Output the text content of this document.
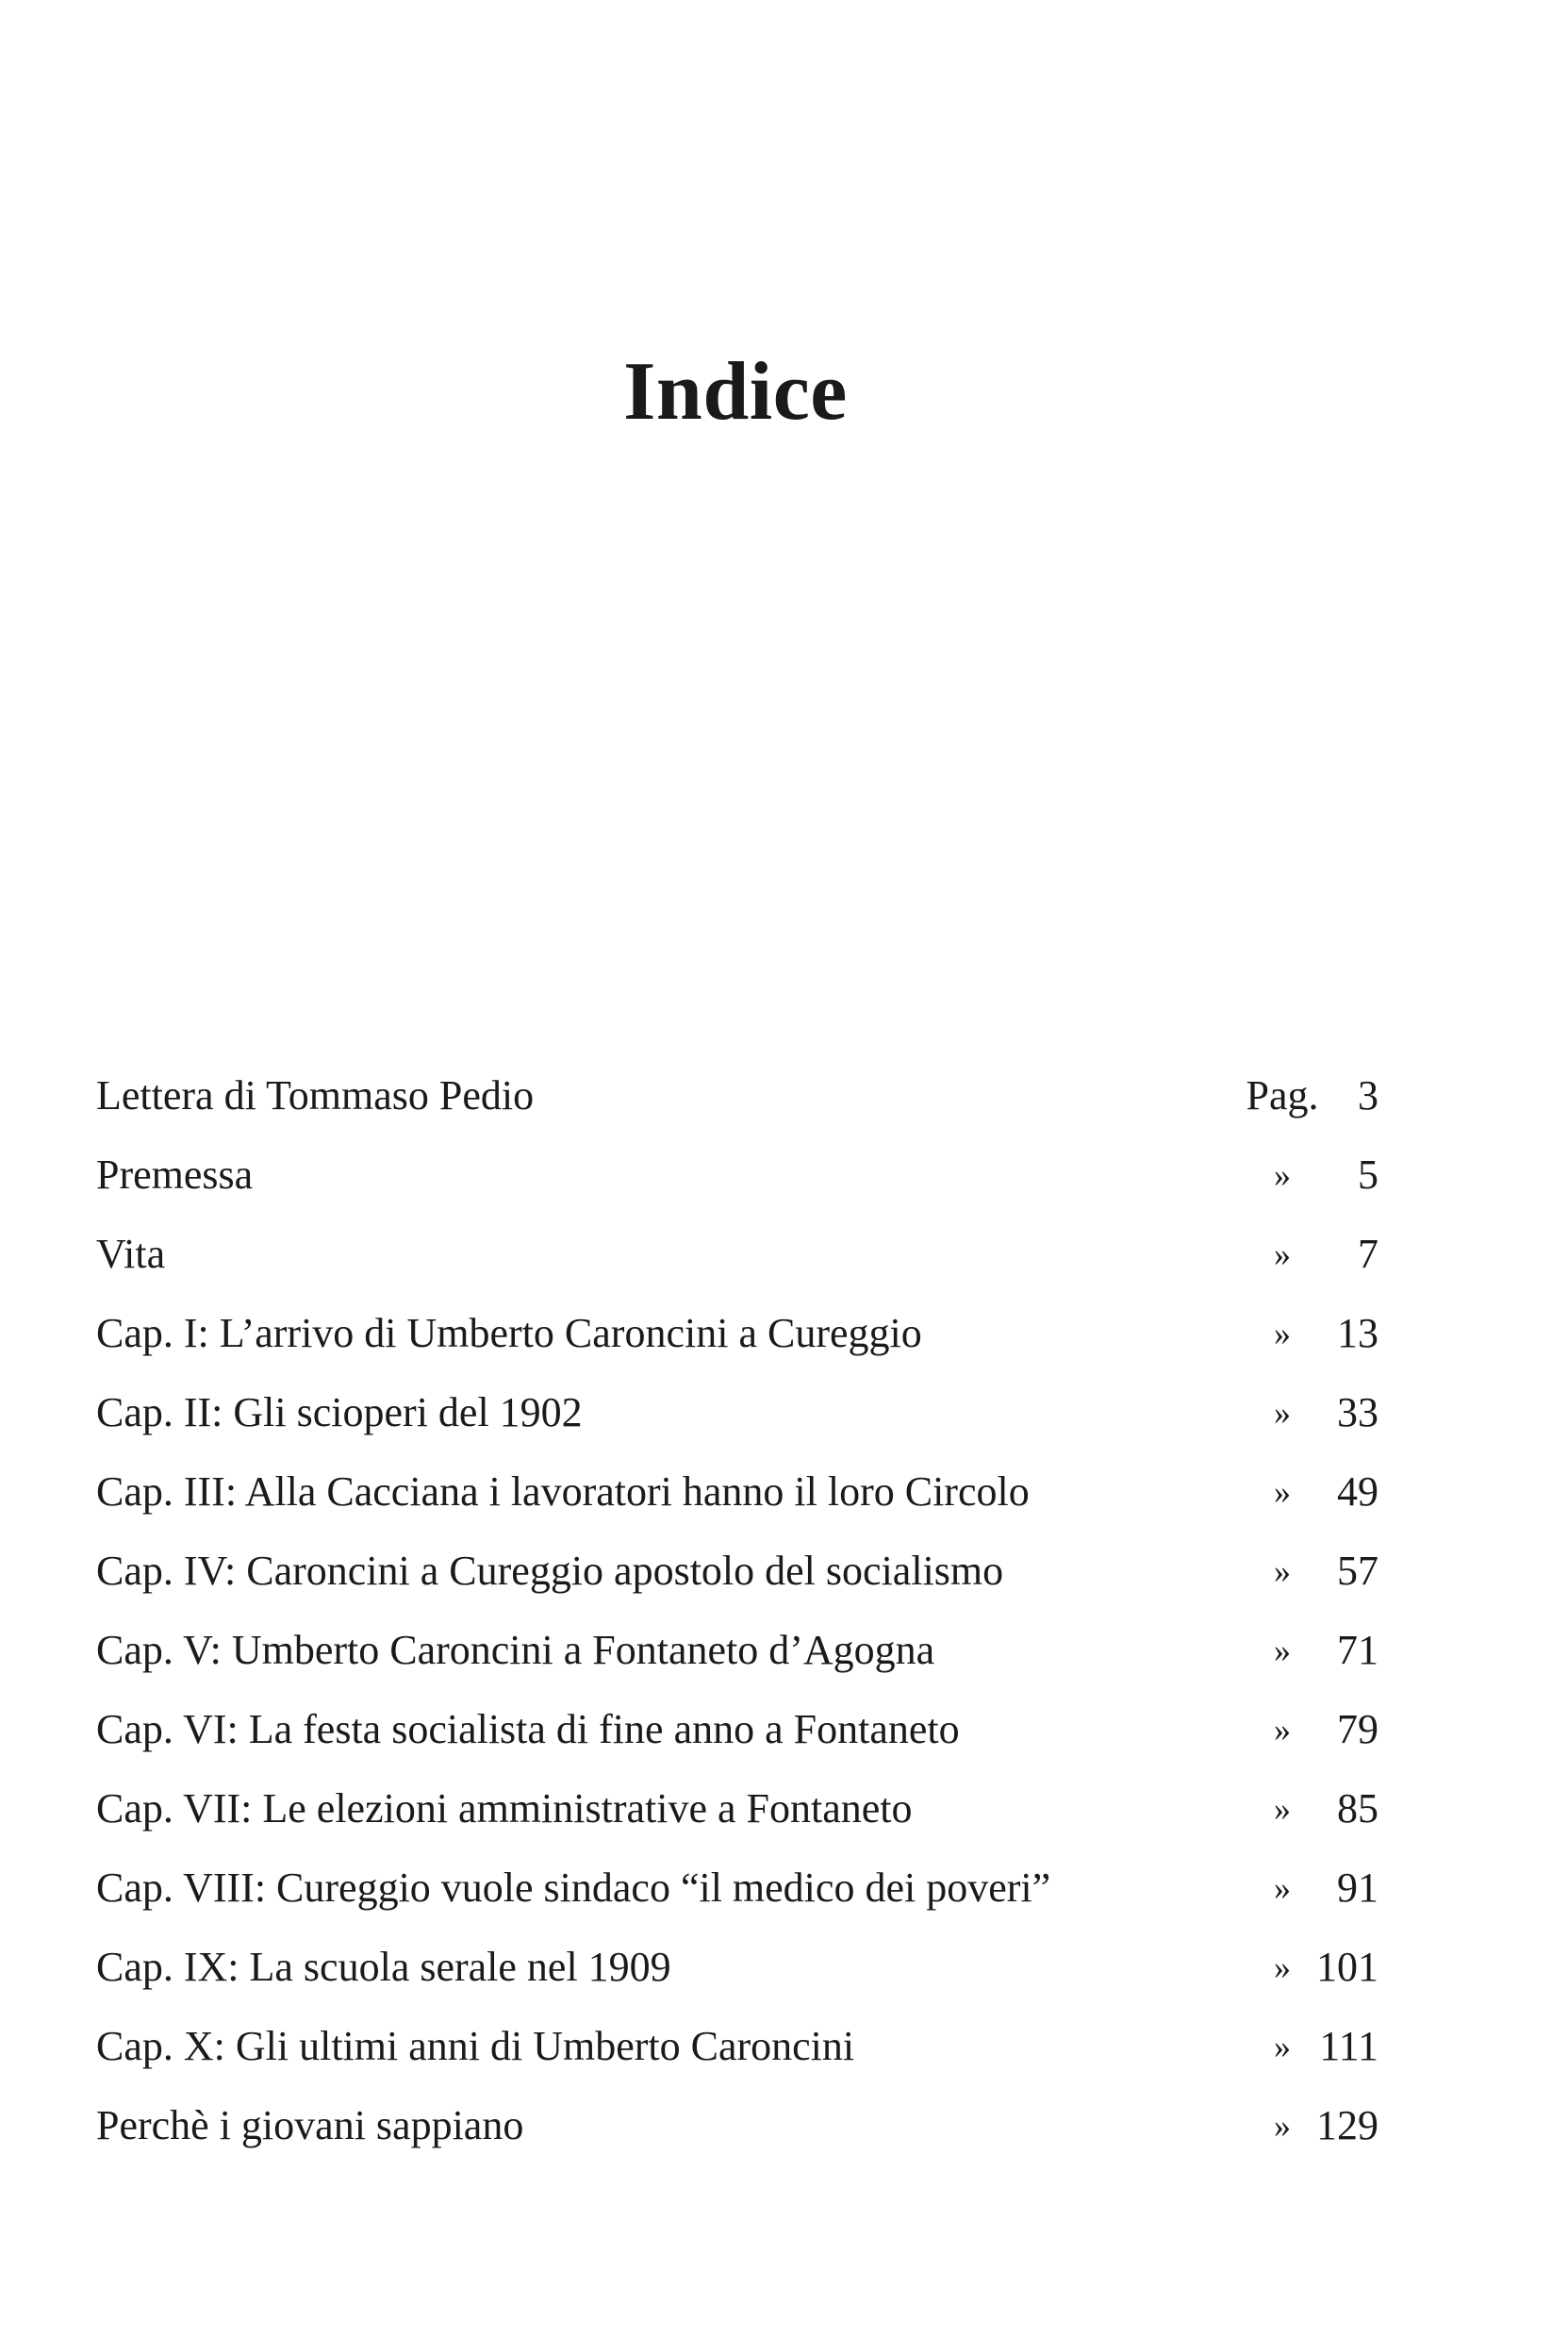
Indice
Lettera di Tommaso Pedio	Pag. 3
Premessa	»	5
Vita	»	7
Cap. I: L’arrivo di Umberto Caroncini a Cureggio	»	13
Cap. II: Gli scioperi del 1902	»	33
Cap. III: Alla Cacciana i lavoratori hanno il loro Circolo	»	49
Cap. IV: Caroncini a Cureggio apostolo del socialismo	»	57
Cap. V: Umberto Caroncini a Fontaneto d’Agogna	»	71
Cap. VI: La festa socialista di fine anno a Fontaneto	»	79
Cap. VII: Le elezioni amministrative a Fontaneto	»	85
Cap. VIII: Cureggio vuole sindaco “il medico dei poveri”	»	91
Cap. IX: La scuola serale nel 1909	» 101
Cap. X: Gli ultimi anni di Umberto Caroncini	» 111
Perchè i giovani sappiano	» 129
